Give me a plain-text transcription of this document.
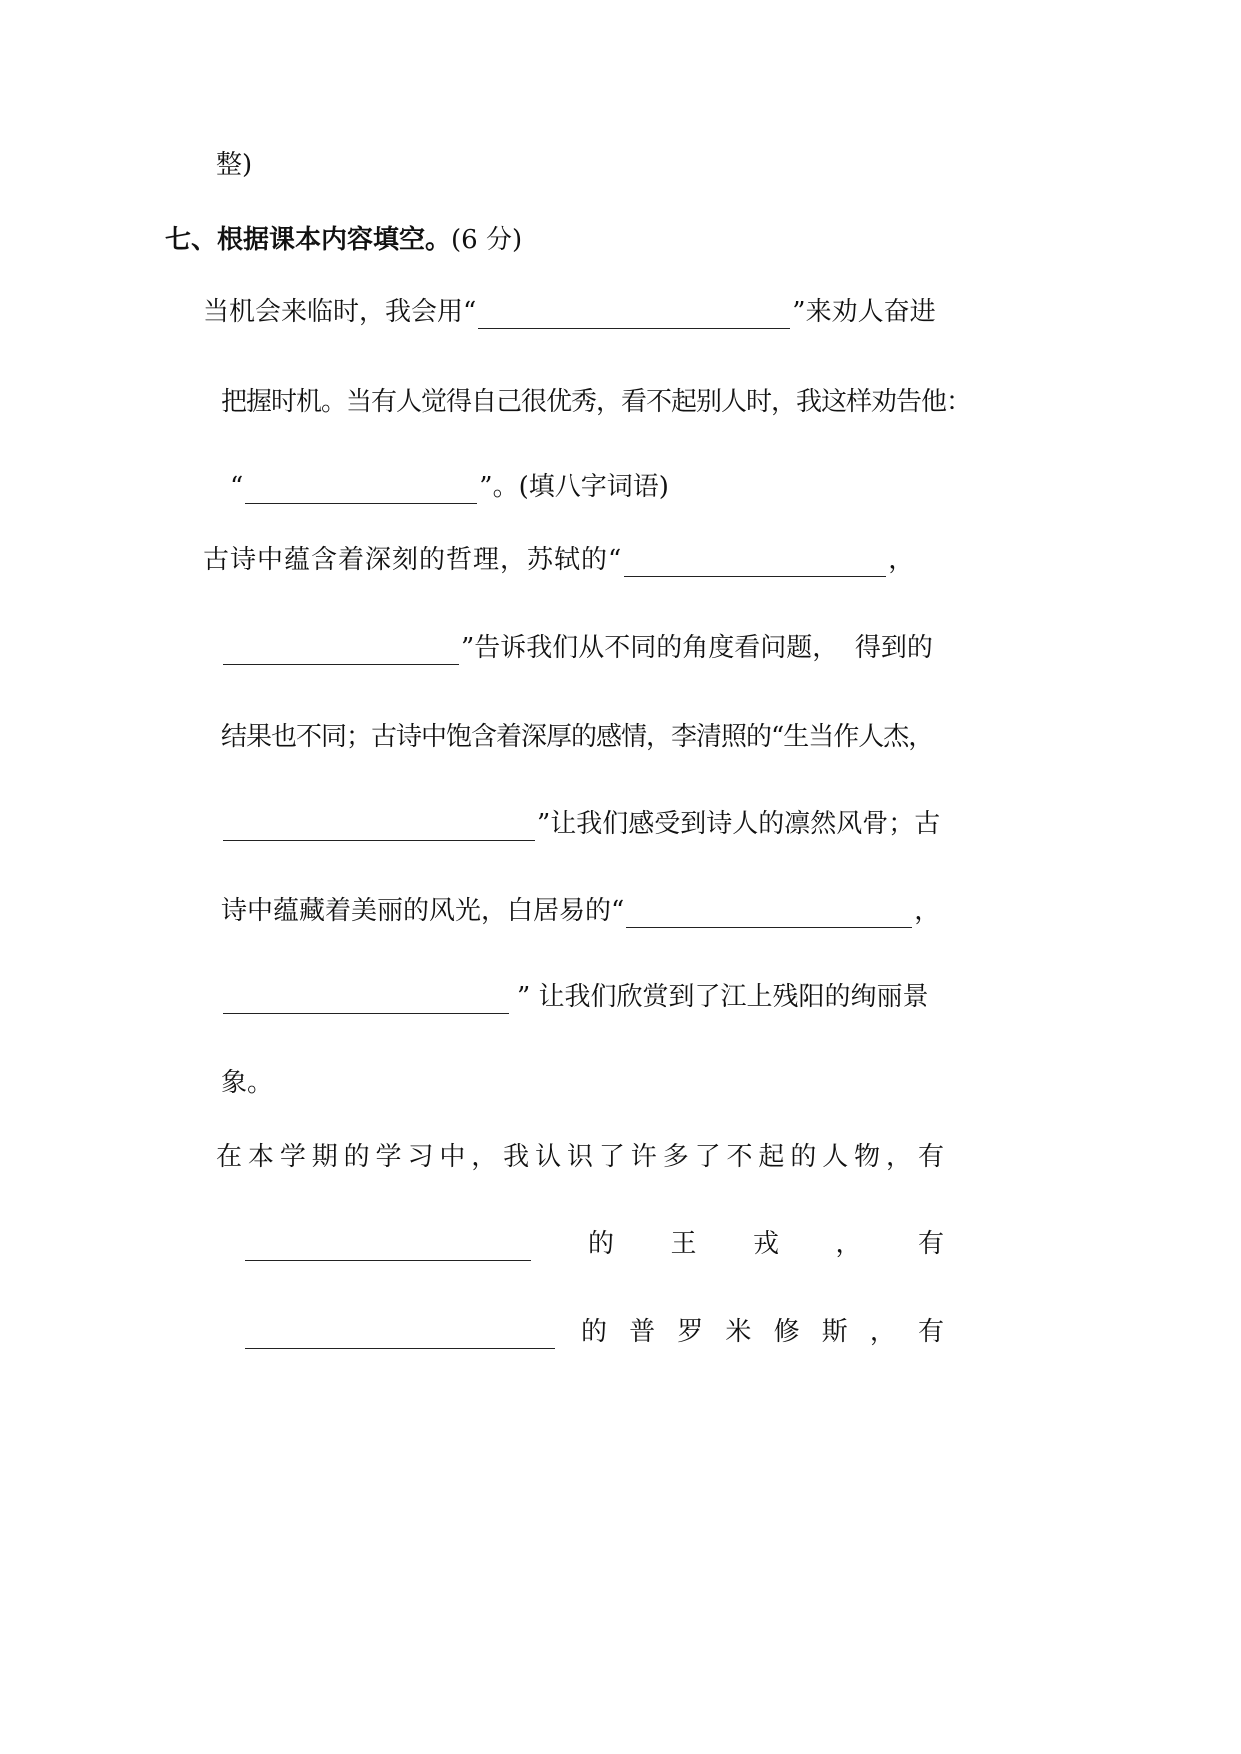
整)
七、根据课本内容填空。 (6 分)
当机会来临时，我会用“	”来劝人奋进
把握时机。当有人觉得自己很优秀，看不起别人时，我这样劝告他：
“	”。(填八字词语)
古诗中蕴含着深刻的哲理，苏轼的“	，
”告诉我们从不同的角度看问题，  得到的
结果也不同；古诗中饱含着深厚的感情，李清照的“生当作人杰，
”让我们感受到诗人的凛然风骨；古
诗中蕴藏着美丽的风光，白居易的“	，
” 让我们欣赏到了江上残阳的绚丽景
象。
在 本 学 期 的 学 习 中 ， 我 认 识 了 许 多 了 不 起 的 人 物 ， 有
的 王 戎 ， 有
的 普 罗 米 修 斯 ， 有
